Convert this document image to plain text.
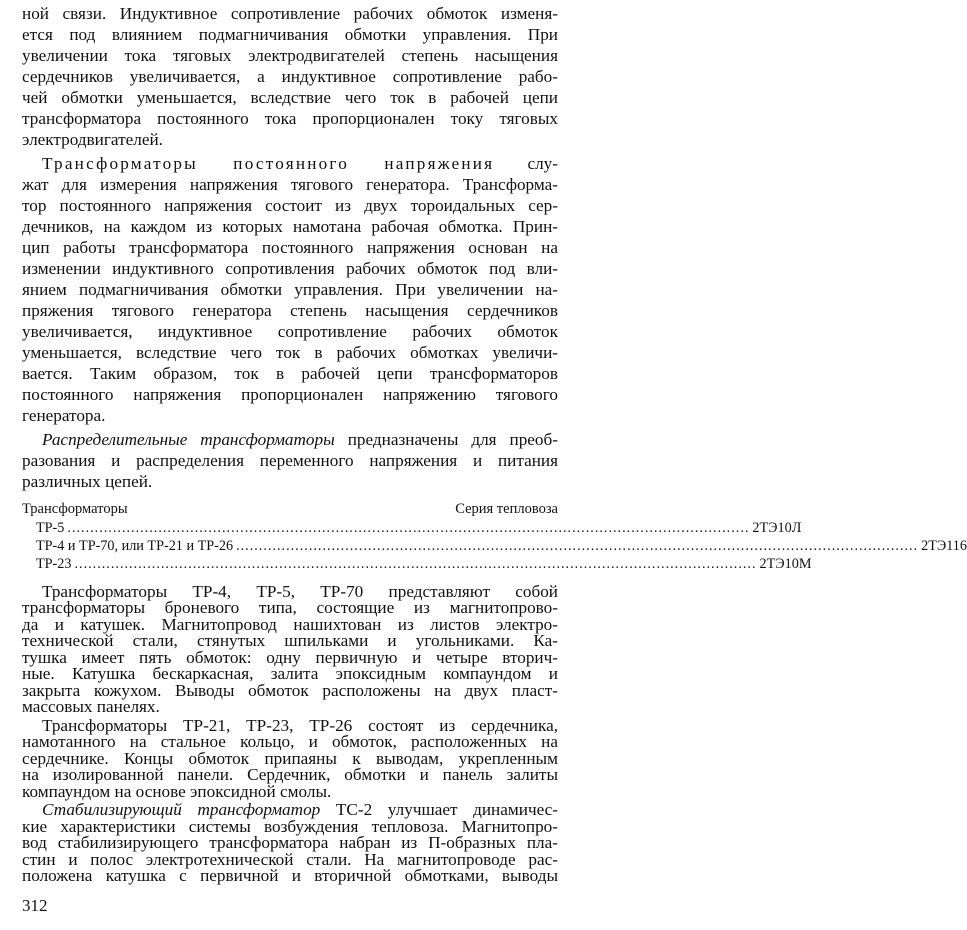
ной связи. Индуктивное сопротивление рабочих обмоток изменя-
ется под влиянием подмагничивания обмотки управления. При
увеличении тока тяговых электродвигателей степень насыщения
сердечников увеличивается, а индуктивное сопротивление рабо-
чей обмотки уменьшается, вследствие чего ток в рабочей цепи
трансформатора постоянного тока пропорционален току тяговых
электродвигателей.
Трансформаторы постоянного напряжения слу-
жат для измерения напряжения тягового генератора. Трансформа-
тор постоянного напряжения состоит из двух тороидальных сер-
дечников, на каждом из которых намотана рабочая обмотка. Прин-
цип работы трансформатора постоянного напряжения основан на
изменении индуктивного сопротивления рабочих обмоток под вли-
янием подмагничивания обмотки управления. При увеличении на-
пряжения тягового генератора степень насыщения сердечников
увеличивается, индуктивное сопротивление рабочих обмоток
уменьшается, вследствие чего ток в рабочих обмотках увеличи-
вается. Таким образом, ток в рабочей цепи трансформаторов
постоянного напряжения пропорционален напряжению тягового
генератора.
Распределительные трансформаторы предназначены для преоб-
разования и распределения переменного напряжения и питания
различных цепей.
Трансформаторы	Серия тепловоза
ТР-5 ...................................................................................................................................................... 2ТЭ10Л
ТР-4 и ТР-70, или ТР-21 и ТР-26 ...................................................................................................................................................... 2ТЭ116
ТР-23 ...................................................................................................................................................... 2ТЭ10М
Трансформаторы ТР-4, ТР-5, ТР-70 представляют собой
трансформаторы броневого типа, состоящие из магнитопрово-
да и катушек. Магнитопровод нашихтован из листов электро-
технической стали, стянутых шпильками и угольниками. Ка-
тушка имеет пять обмоток: одну первичную и четыре вторич-
ные. Катушка бескаркасная, залита эпоксидным компаундом и
закрыта кожухом. Выводы обмоток расположены на двух пласт-
массовых панелях.
Трансформаторы ТР-21, ТР-23, ТР-26 состоят из сердечника,
намотанного на стальное кольцо, и обмоток, расположенных на
сердечнике. Концы обмоток припаяны к выводам, укрепленным
на изолированной панели. Сердечник, обмотки и панель залиты
компаундом на основе эпоксидной смолы.
Стабилизирующий трансформатор ТС-2 улучшает динамичес-
кие характеристики системы возбуждения тепловоза. Магнитопро-
вод стабилизирующего трансформатора набран из П-образных пла-
стин и полос электротехнической стали. На магнитопроводе рас-
положена катушка с первичной и вторичной обмотками, выводы
312
